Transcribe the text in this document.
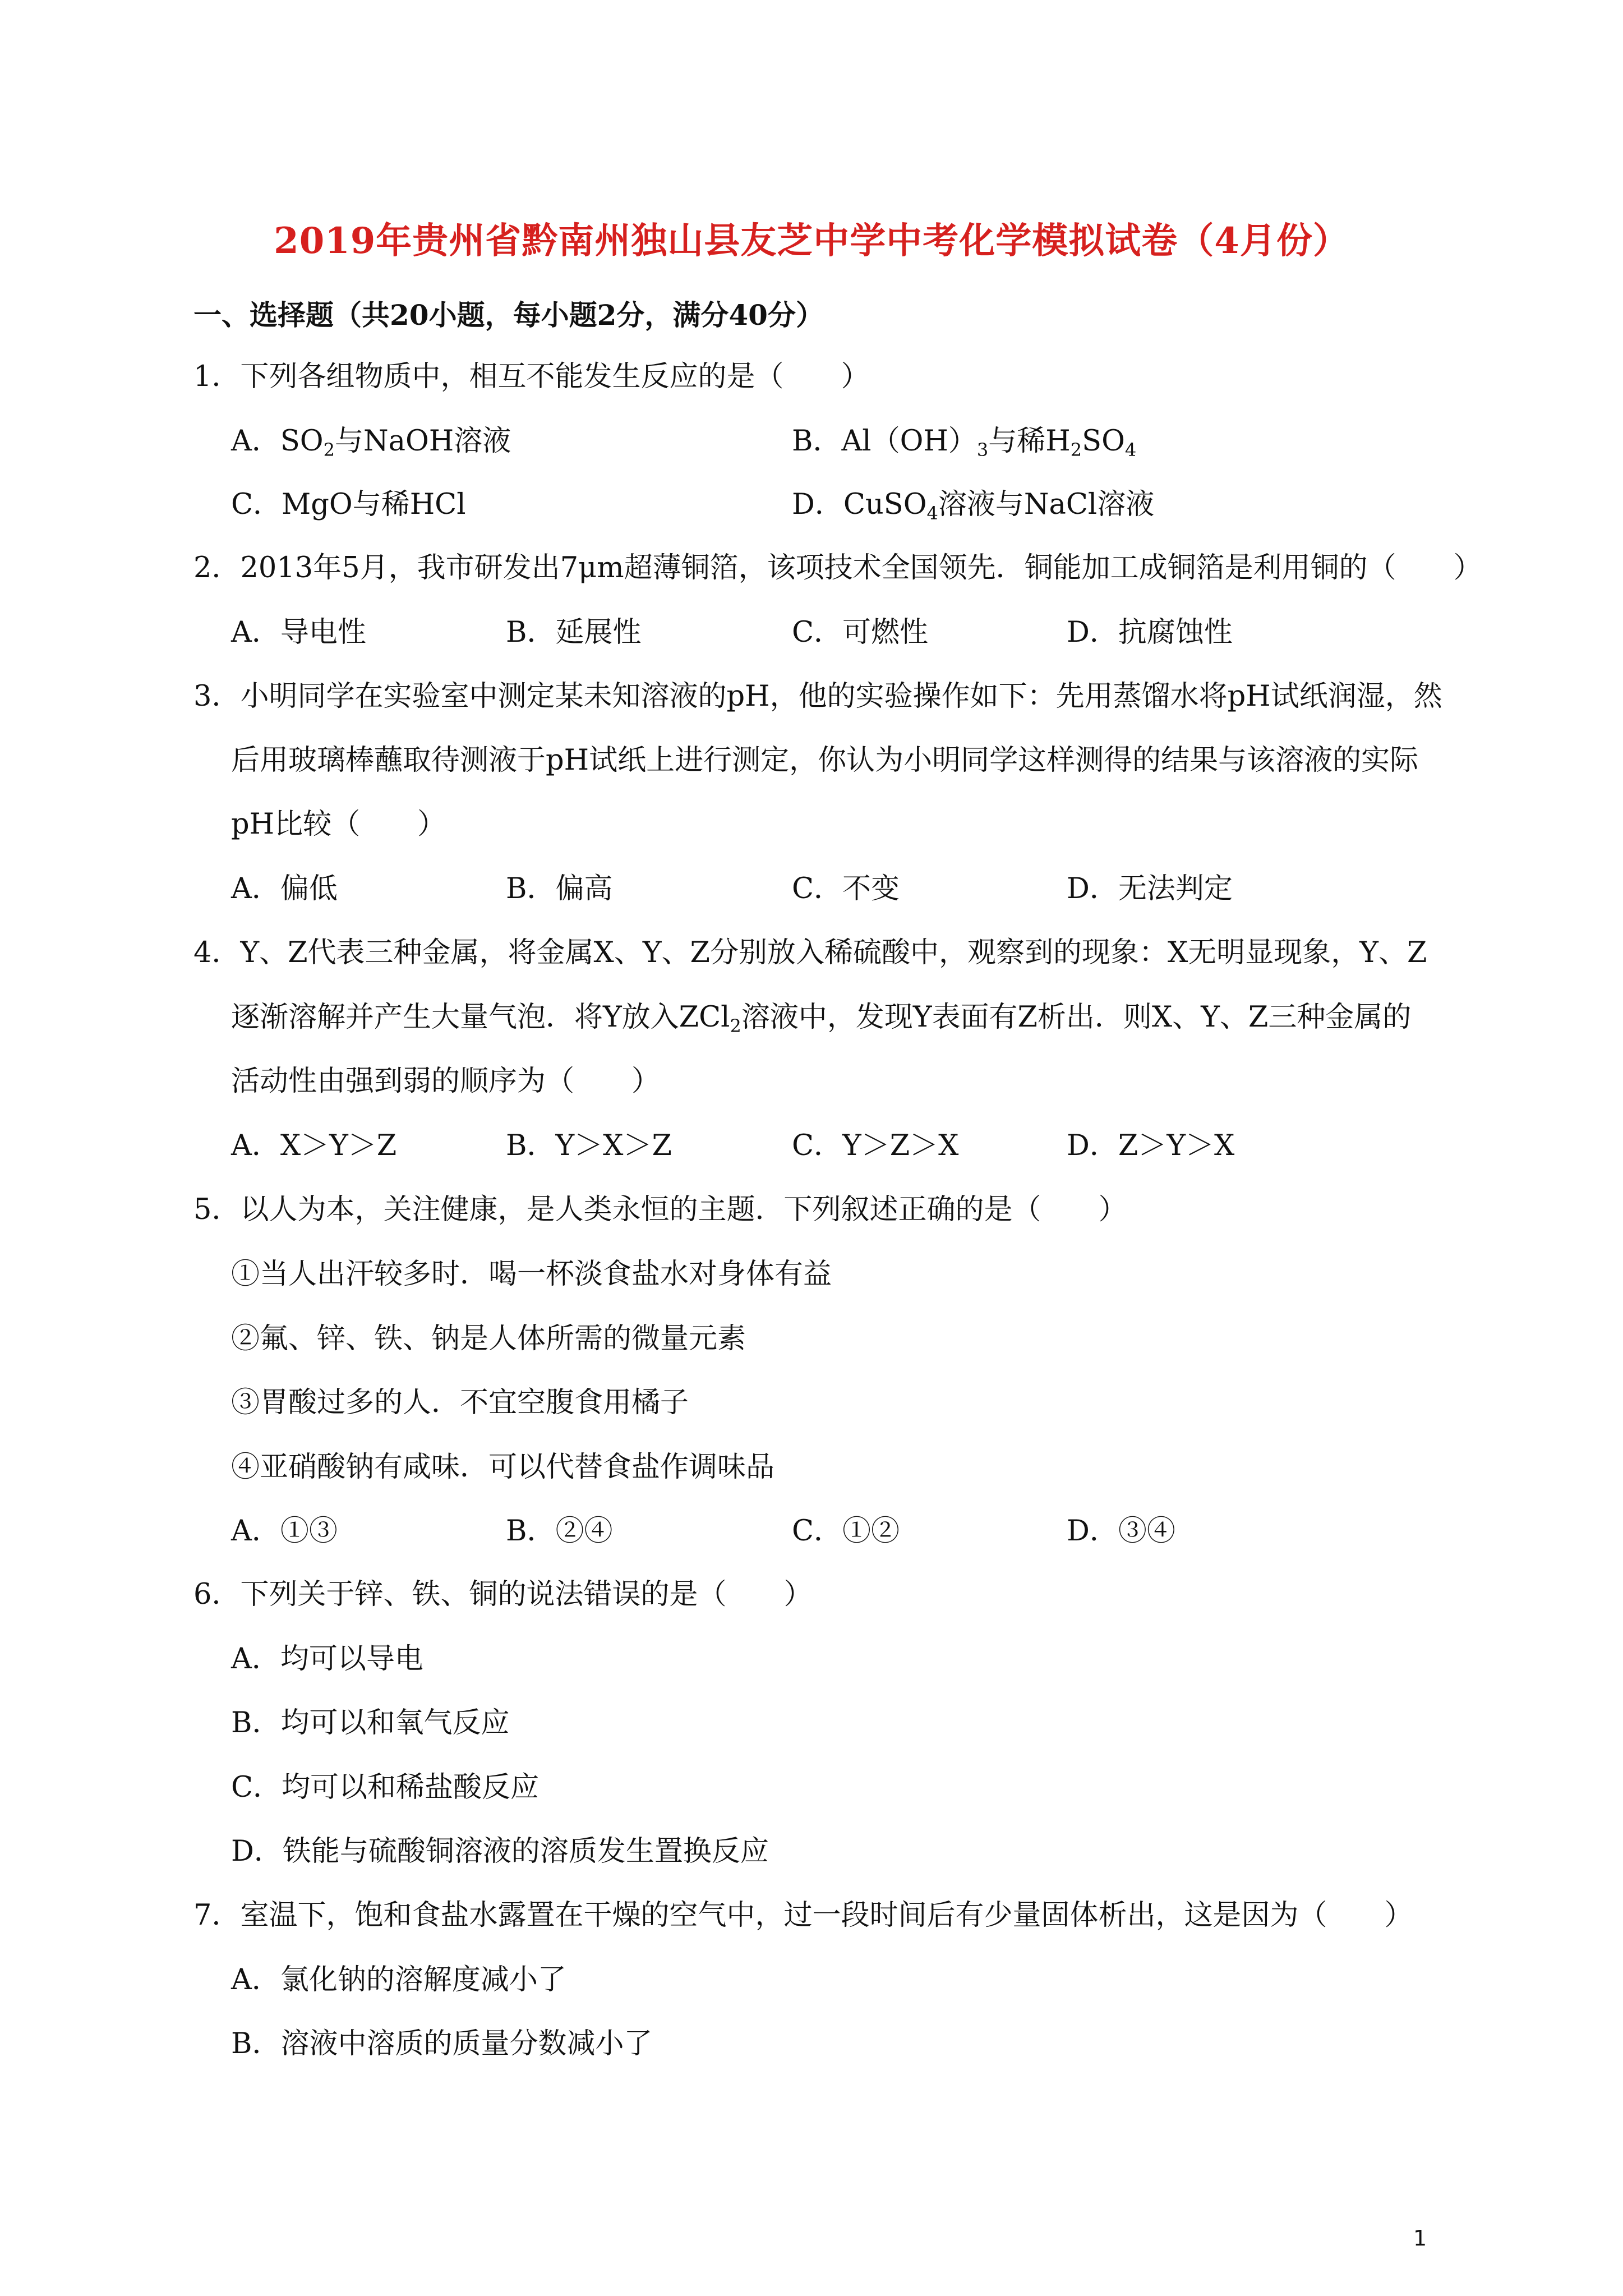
2019年贵州省黔南州独山县友芝中学中考化学模拟试卷（4月份）
一、选择题（共20小题，每小题2分，满分40分）
1．下列各组物质中，相互不能发生反应的是（　　）
A．$SO_2$与NaOH溶液	B．$Al(OH)_3$与稀$H_2SO_4$
C．MgO与稀HCl	D．CuSO$_4$溶液与NaCl溶液
2．2013年5月，我市研发出7μm超薄铜箔，该项技术全国领先．铜能加工成铜箔是利用铜的（　　）
A．导电性	B．延展性	C．可燃性	D．抗腐蚀性
3．小明同学在实验室中测定某未知溶液的pH，他的实验操作如下：先用蒸馏水将pH试纸润湿，然
后用玻璃棒蘸取待测液于pH试纸上进行测定，你认为小明同学这样测得的结果与该溶液的实际
pH比较（　　）
A．偏低	B．偏高	C．不变	D．无法判定
4．Y、Z代表三种金属，将金属X、Y、Z分别放入稀硫酸中，观察到的现象：X无明显现象，Y、Z
逐渐溶解并产生大量气泡．将Y放入ZCl$_2$溶液中，发现Y表面有Z析出．则X、Y、Z三种金属的
活动性由强到弱的顺序为（　　）
A．X＞Y＞Z	B．Y＞X＞Z	C．Y＞Z＞X	D．Z＞Y＞X
5．以人为本，关注健康，是人类永恒的主题．下列叙述正确的是（　　）
①当人出汗较多时．喝一杯淡食盐水对身体有益
②氟、锌、铁、钠是人体所需的微量元素
③胃酸过多的人．不宜空腹食用橘子
④亚硝酸钠有咸味．可以代替食盐作调味品
A．①③	B．②④	C．①②	D．③④
6．下列关于锌、铁、铜的说法错误的是（　　）
A．均可以导电
B．均可以和氧气反应
C．均可以和稀盐酸反应
D．铁能与硫酸铜溶液的溶质发生置换反应
7．室温下，饱和食盐水露置在干燥的空气中，过一段时间后有少量固体析出，这是因为（　　）
A．氯化钠的溶解度减小了
B．溶液中溶质的质量分数减小了
1
